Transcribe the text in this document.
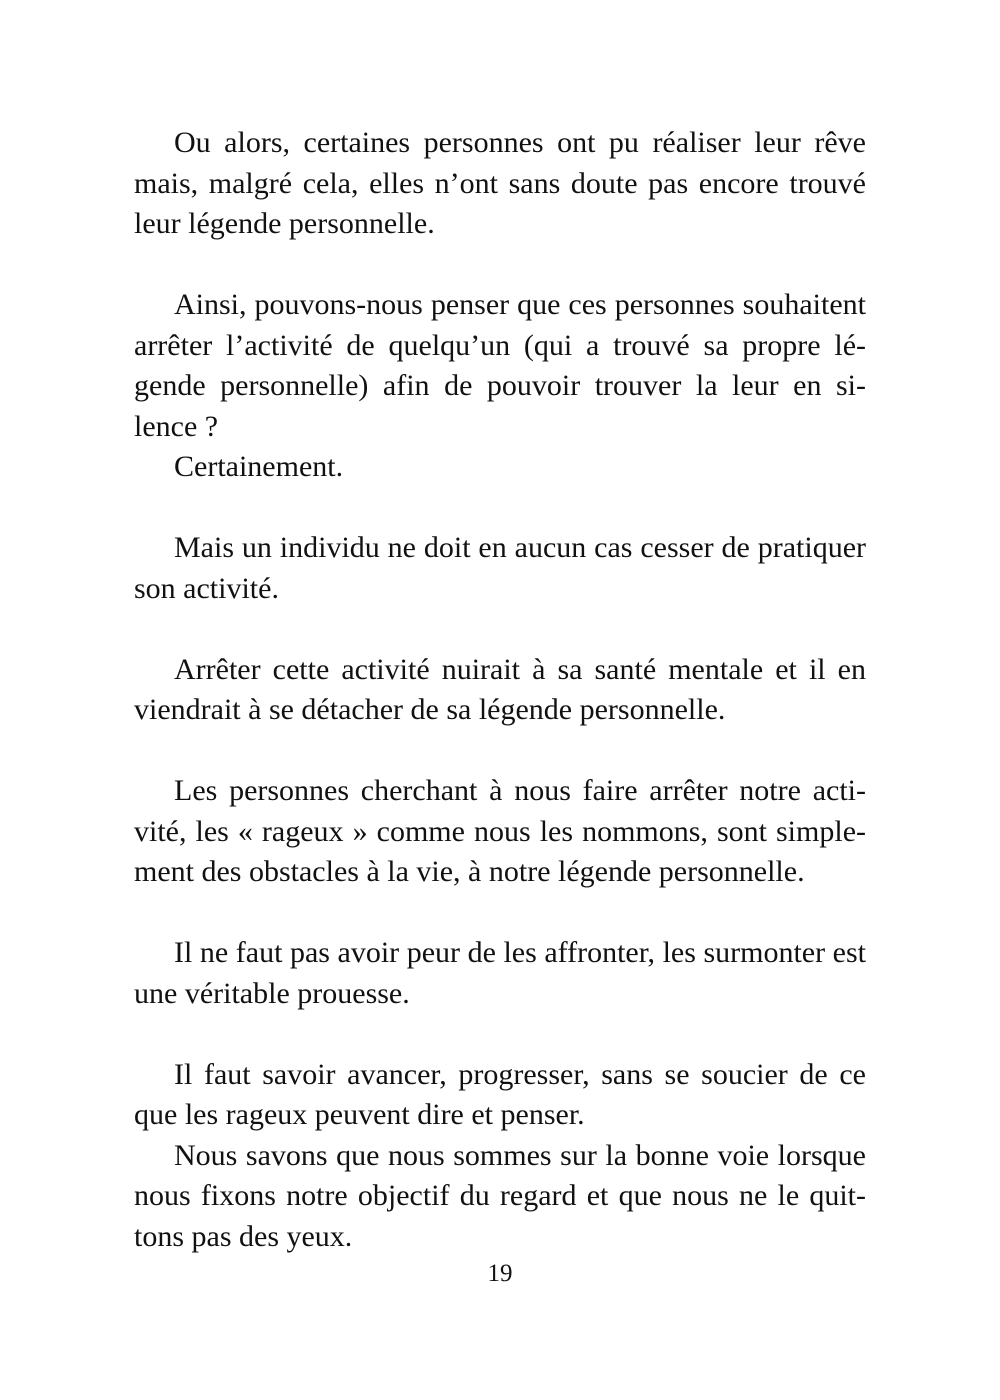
Ou alors, certaines personnes ont pu réaliser leur rêve
mais, malgré cela, elles n’ont sans doute pas encore trouvé
leur légende personnelle.
Ainsi, pouvons-nous penser que ces personnes souhaitent
arrêter l’activité de quelqu’un (qui a trouvé sa propre lé-
gende personnelle) afin de pouvoir trouver la leur en si-
lence ?
Certainement.
Mais un individu ne doit en aucun cas cesser de pratiquer
son activité.
Arrêter cette activité nuirait à sa santé mentale et il en
viendrait à se détacher de sa légende personnelle.
Les personnes cherchant à nous faire arrêter notre acti-
vité, les « rageux » comme nous les nommons, sont simple-
ment des obstacles à la vie, à notre légende personnelle.
Il ne faut pas avoir peur de les affronter, les surmonter est
une véritable prouesse.
Il faut savoir avancer, progresser, sans se soucier de ce
que les rageux peuvent dire et penser.
Nous savons que nous sommes sur la bonne voie lorsque
nous fixons notre objectif du regard et que nous ne le quit-
tons pas des yeux.
19
